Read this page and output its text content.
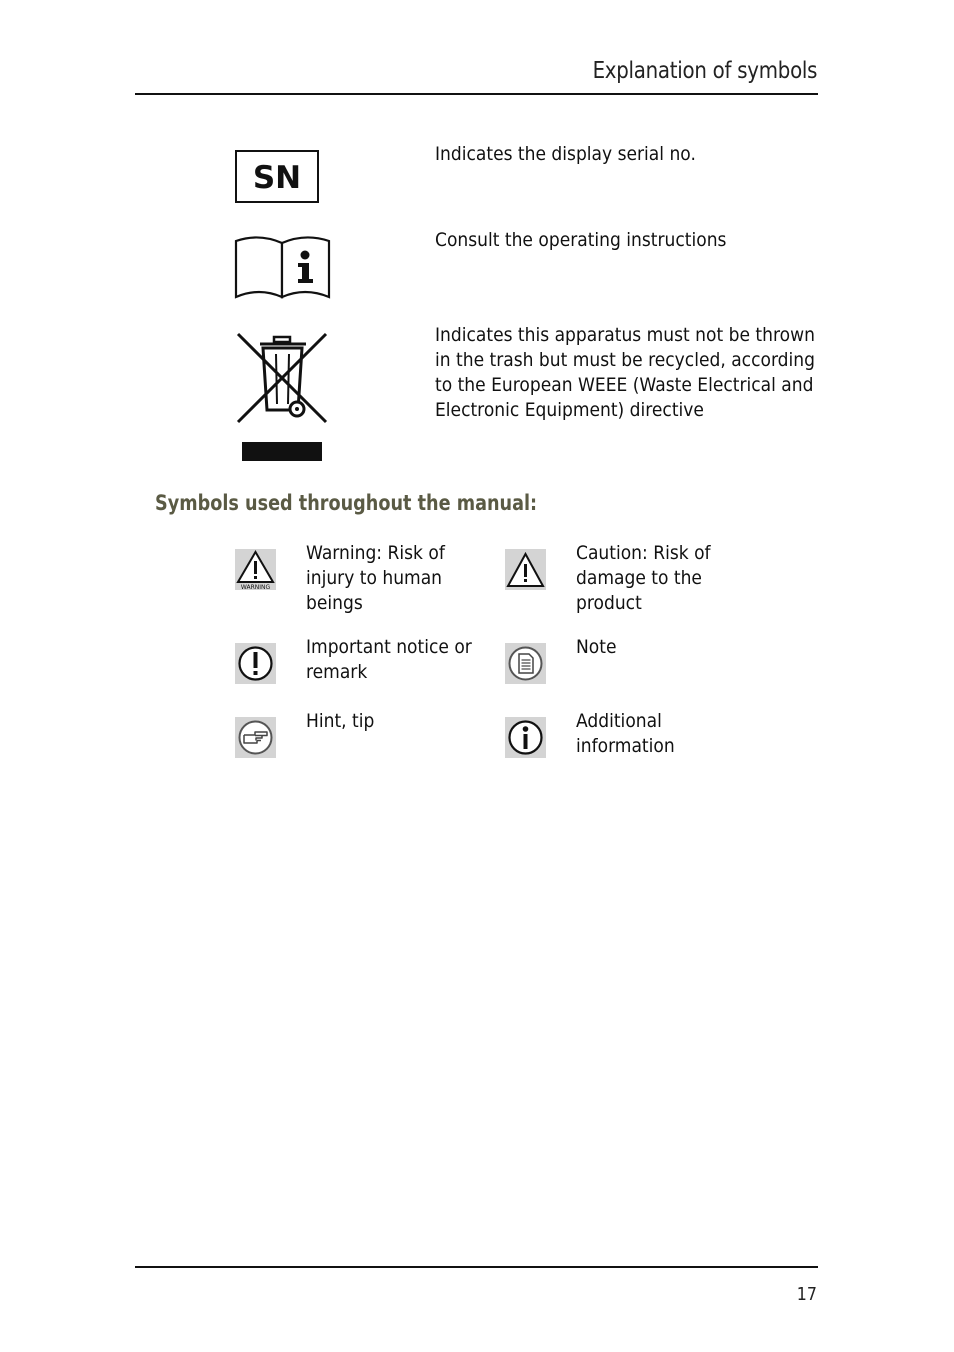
Explanation of symbols
SN
Indicates the display serial no.
Consult the operating instructions
Indicates this apparatus must not be thrown
in the trash but must be recycled, according
to the European WEEE (Waste Electrical and
Electronic Equipment) directive
Symbols used throughout the manual:
WARNING
Warning: Risk of
injury to human
beings
Caution: Risk of
damage to the
product
Important notice or
remark
Note
Hint, tip	Additional
information
17
